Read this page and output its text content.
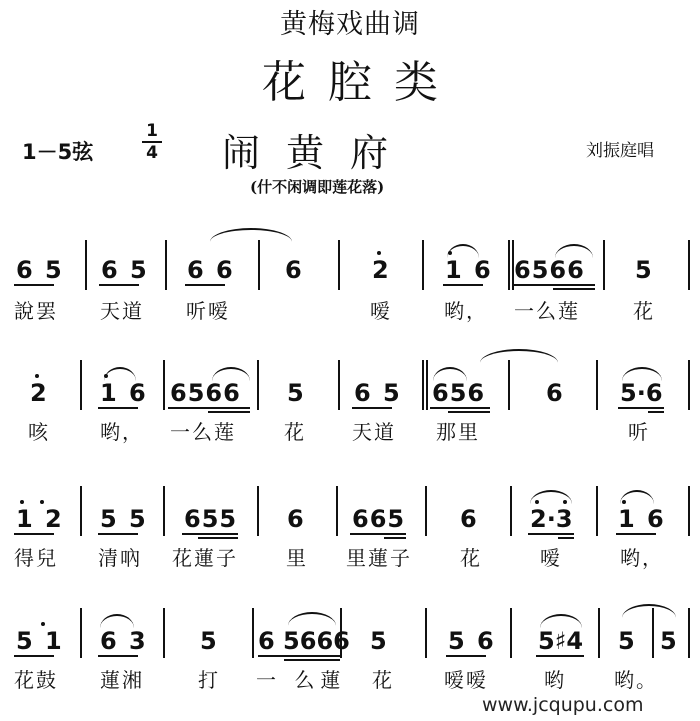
黄梅戏曲调
花腔类
1－5弦
1
4 闹黄府	刘振庭唱
(什不闲调即莲花落)
6 5 6 5 6 6 6	2 1 6 6566 5
說罢 天道 听嗳	嗳	哟， 一么莲	花
2 1 6 6566 5 6 5 656	6 5·6
咳	哟， 一么莲 花 天道 那里	听
1 2 5 5 655 6 665 6 2·3 1 6
得兒 清吶 花蓮子 里 里蓮子 花	嗳	哟，
5 1 6 3 5 6 5666 5 5 6 5♯4 5 5
花鼓 蓮湘	打 一 么蓮 花	嗳嗳	哟 哟。
www.jcqupu.com
